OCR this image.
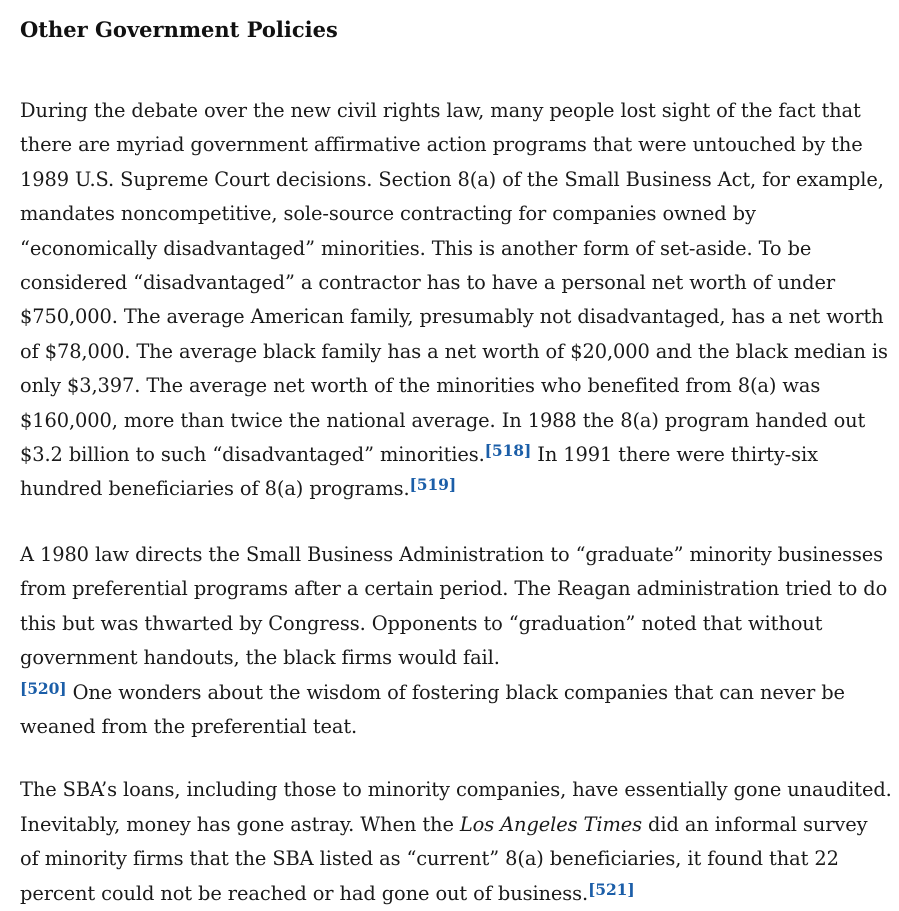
Other Government Policies

During the debate over the new civil rights law, many people lost sight of the fact that there are myriad government affirmative action programs that were untouched by the 1989 U.S. Supreme Court decisions. Section 8(a) of the Small Business Act, for example, mandates noncompetitive, sole-source contracting for companies owned by “economically disadvantaged” minorities. This is another form of set-aside. To be considered “disadvantaged” a contractor has to have a personal net worth of under $750,000. The average American family, presumably not disadvantaged, has a net worth of $78,000. The average black family has a net worth of $20,000 and the black median is only $3,397. The average net worth of the minorities who benefited from 8(a) was $160,000, more than twice the national average. In 1988 the 8(a) program handed out $3.2 billion to such “disadvantaged” minorities.[518] In 1991 there were thirty-six hundred beneficiaries of 8(a) programs.[519]

A 1980 law directs the Small Business Administration to “graduate” minority businesses from preferential programs after a certain period. The Reagan administration tried to do this but was thwarted by Congress. Opponents to “graduation” noted that without government handouts, the black firms would fail.
[520] One wonders about the wisdom of fostering black companies that can never be weaned from the preferential teat.

The SBA’s loans, including those to minority companies, have essentially gone unaudited. Inevitably, money has gone astray. When the Los Angeles Times did an informal survey of minority firms that the SBA listed as “current” 8(a) beneficiaries, it found that 22 percent could not be reached or had gone out of business.[521]
